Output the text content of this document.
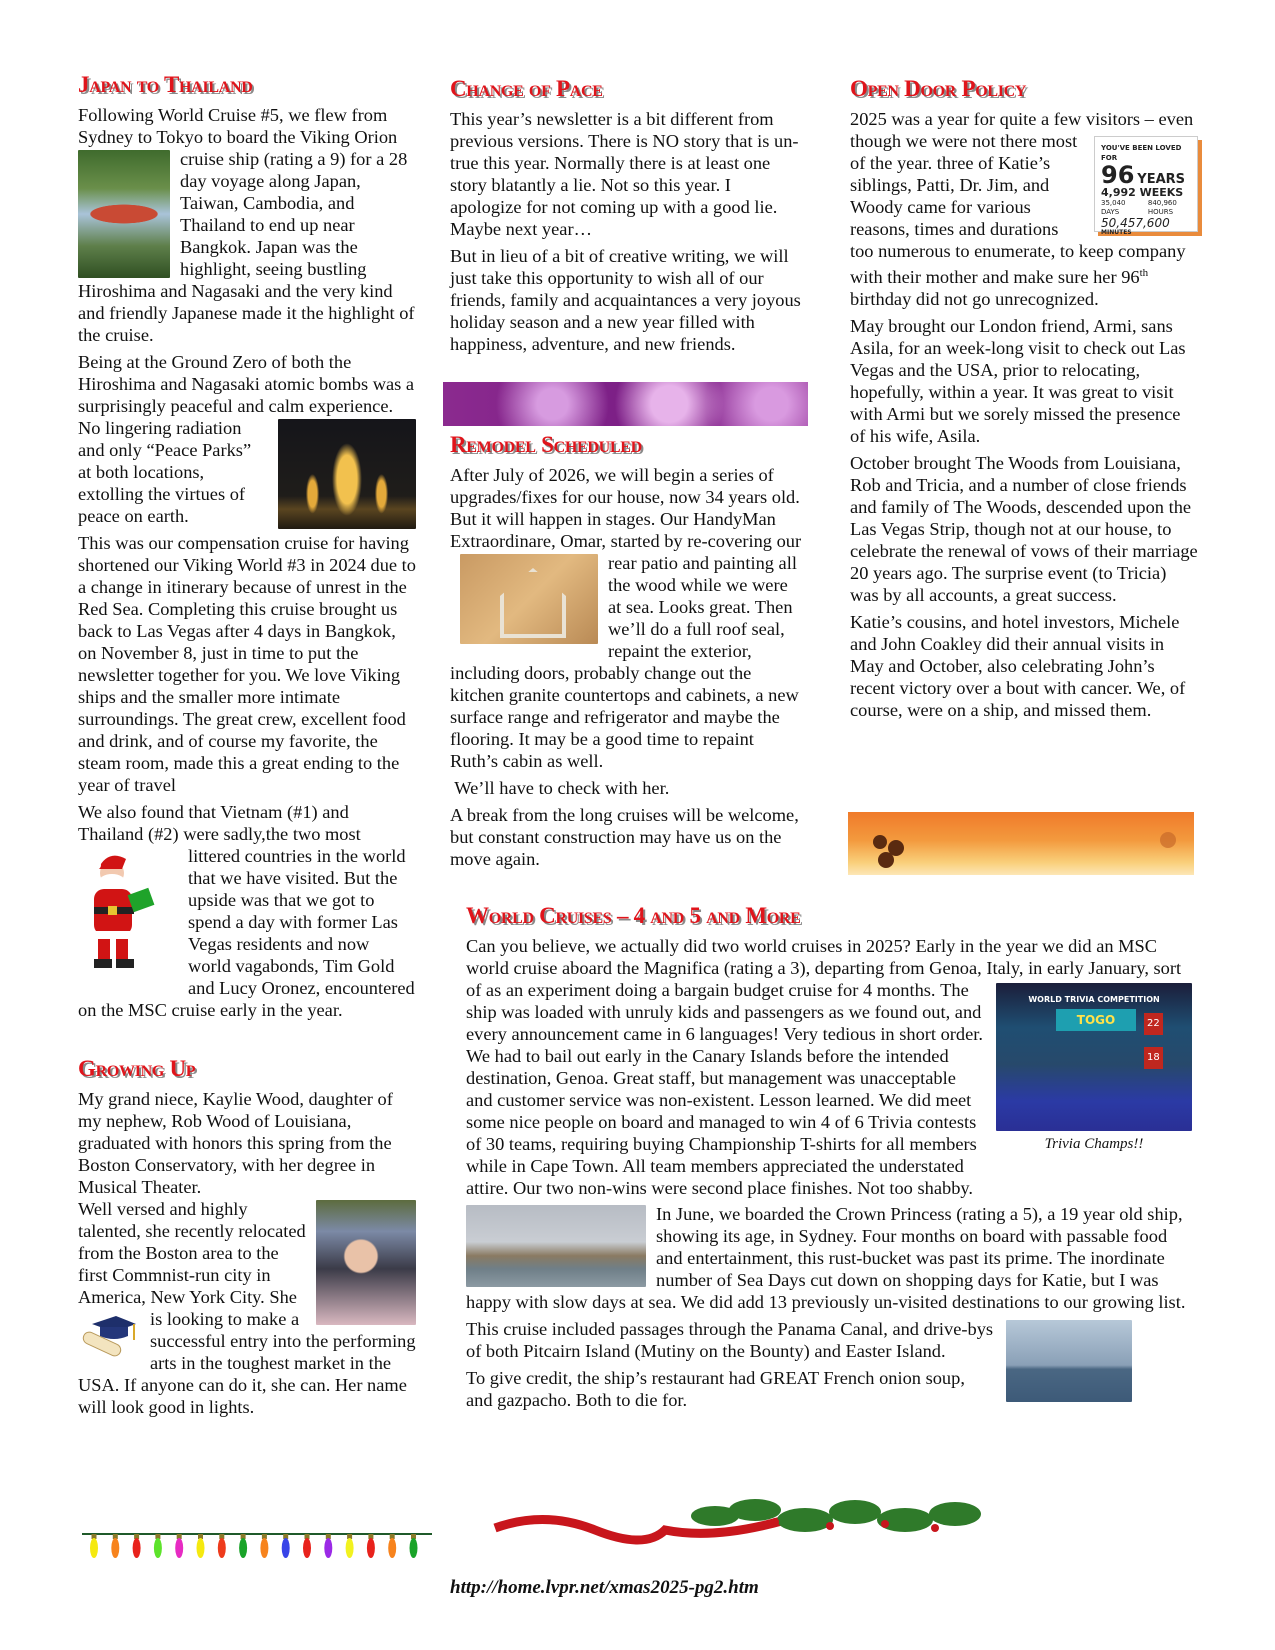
Japan to Thailand

Following World Cruise #5, we flew from Sydney to Tokyo to board the Viking Orion cruise ship (rating a 9) for a 28 day voyage along Japan, Taiwan, Cambodia, and Thailand to end up near Bangkok. Japan was the highlight, seeing bustling Hiroshima and Nagasaki and the very kind and friendly Japanese made it the highlight of the cruise.

Being at the Ground Zero of both the Hiroshima and Nagasaki atomic bombs was a surprisingly peaceful and calm experience. No lingering radiation and only “Peace Parks” at both locations, extolling the virtues of peace on earth.

This was our compensation cruise for having shortened our Viking World #3 in 2024 due to a change in itinerary because of unrest in the Red Sea. Completing this cruise brought us back to Las Vegas after 4 days in Bangkok, on November 8, just in time to put the newsletter together for you. We love Viking ships and the smaller more intimate surroundings. The great crew, excellent food and drink, and of course my favorite, the steam room, made this a great ending to the year of travel

We also found that Vietnam (#1) and Thailand (#2) were sadly,the two most
littered countries in the world that we have visited. But the upside was that we got to spend a day with former Las Vegas residents and now world vagabonds, Tim Gold and Lucy Oronez, encountered on the MSC cruise early in the year.

Growing Up

My grand niece, Kaylie Wood, daughter of my nephew, Rob Wood of Louisiana, graduated with honors this spring from the Boston Conservatory, with her degree in Musical Theater.

Well versed and highly talented, she recently relocated from the Boston area to the first Commnist-run city in America, New York City. She is looking to make a successful entry into the performing arts in the toughest market in the USA. If anyone can do it, she can. Her name will look good in lights.

Change of Pace

This year’s newsletter is a bit different from previous versions. There is NO story that is un-true this year. Normally there is at least one story blatantly a lie. Not so this year. I apologize for not coming up with a good lie. Maybe next year…

But in lieu of a bit of creative writing, we will just take this opportunity to wish all of our friends, family and acquaintances a very joyous holiday season and a new year filled with happiness, adventure, and new friends.

Remodel Scheduled

After July of 2026, we will begin a series of upgrades/fixes for our house, now 34 years old. But it will happen in stages. Our HandyMan Extraordinare, Omar, started by re-covering our rear patio and painting all
the wood while we were at sea. Looks great. Then we’ll do a full roof seal, repaint the exterior, including doors, probably change out the kitchen granite countertops and cabinets, a new surface range and refrigerator and maybe the flooring. It may be a good time to repaint Ruth’s cabin as well.

We’ll have to check with her.

A break from the long cruises will be welcome, but constant construction may have us on the move again.

Open Door Policy

2025 was a year for quite a few visitors –
YOU'VE BEEN LOVED FOR
96 YEARS
4,992 WEEKS
35,040 DAYS 840,960 HOURS
50,457,600
MINUTES
even though we were not there most of the year. three of Katie’s siblings, Patti, Dr. Jim, and Woody came for various reasons, times and durations too numerous to enumerate, to keep company with their mother and make sure her 96th birthday did not go unrecognized.

May brought our London friend, Armi, sans Asila, for an week-long visit to check out Las Vegas and the USA, prior to relocating, hopefully, within a year. It was great to visit with Armi but we sorely missed the presence of his wife, Asila.

October brought The Woods from Louisiana, Rob and Tricia, and a number of close friends and family of The Woods, descended upon the Las Vegas Strip, though not at our house, to celebrate the renewal of vows of their marriage 20 years ago. The surprise event (to Tricia) was by all accounts, a great success.

Katie’s cousins, and hotel investors, Michele and John Coakley did their annual visits in May and October, also celebrating John’s recent victory over a bout with cancer. We, of course, were on a ship, and missed them.

World Cruises – 4 and 5 and More

Can you believe, we actually did two world cruises in 2025? Early in the year we did an MSC world cruise aboard the Magnifica (rating a 3), departing from Genoa, Italy, in early January, sort of as an experiment doing a bargain budget cruise for 4 months.	WORLD TRIVIA COMPETITION
TOGO	22
18
Trivia Champs!!
The ship was loaded with unruly kids and passengers as we found out, and every announcement came in 6 languages! Very tedious in short order. We had to bail out early in the Canary Islands before the intended destination, Genoa. Great staff, but management was unacceptable and customer service was non-existent. Lesson learned. We did meet some nice people on board and managed to win 4 of 6 Trivia contests of 30 teams, requiring buying Championship T-shirts for all members while in Cape Town. All team members appreciated the understated attire. Our two non-wins were second place finishes. Not too shabby.

In June, we boarded the Crown Princess (rating a 5), a 19 year old ship, showing its age, in Sydney. Four months on board with passable food and entertainment, this rust-bucket was past its prime. The inordinate number of Sea Days cut down on shopping days for Katie, but I was happy with slow days at sea. We did add 13 previously un-visited destinations to our growing list.

This cruise included passages through the Panama Canal, and drive-bys of both Pitcairn Island (Mutiny on the Bounty) and Easter Island.

To give credit, the ship’s restaurant had GREAT French onion soup, and gazpacho. Both to die for.

http://home.lvpr.net/xmas2025-pg2.htm
